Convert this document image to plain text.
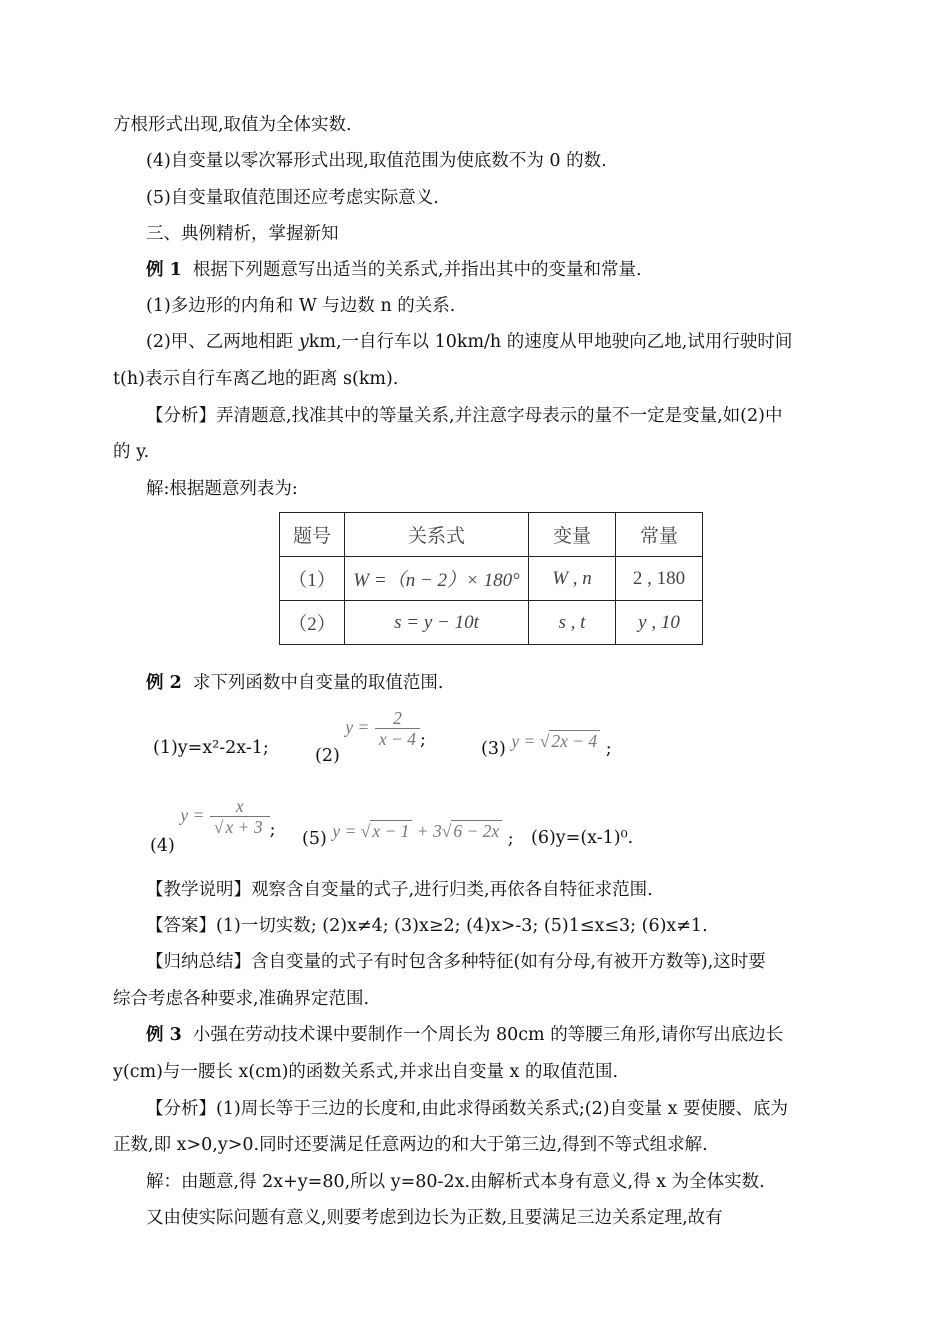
方根形式出现,取值为全体实数.
(4)自变量以零次幂形式出现,取值范围为使底数不为 0 的数.
(5)自变量取值范围还应考虑实际意义.
三、典例精析，掌握新知
例 1 根据下列题意写出适当的关系式,并指出其中的变量和常量.
(1)多边形的内角和 W 与边数 n 的关系.
(2)甲、乙两地相距 ykm,一自行车以 10km/h 的速度从甲地驶向乙地,试用行驶时间
t(h)表示自行车离乙地的距离 s(km).
【分析】弄清题意,找准其中的等量关系,并注意字母表示的量不一定是变量,如(2)中
的 y.
解:根据题意列表为:
题号	关系式	变量	常量
（1）	W =（n − 2）× 180°	W , n	2 , 180
（2）	s = y − 10t	s , t	y , 10
例 2 求下列函数中自变量的取值范围.
(1)y=x²-2x-1;	(2) $y = \frac{2}{x - 4}$ ;	(3) y = √ 2x − 4 ;
(4) $y = \frac{x}{√ x + 3}$ ; (5) y = √ x − 1 + 3√ 6 − 2x ; (6)y=(x-1)⁰.
【教学说明】观察含自变量的式子,进行归类,再依各自特征求范围.
【答案】(1)一切实数; (2)x≠4; (3)x≥2; (4)x>-3; (5)1≤x≤3; (6)x≠1.
【归纳总结】含自变量的式子有时包含多种特征(如有分母,有被开方数等),这时要
综合考虑各种要求,准确界定范围.
例 3 小强在劳动技术课中要制作一个周长为 80cm 的等腰三角形,请你写出底边长
y(cm)与一腰长 x(cm)的函数关系式,并求出自变量 x 的取值范围.
【分析】(1)周长等于三边的长度和,由此求得函数关系式;(2)自变量 x 要使腰、底为
正数,即 x>0,y>0.同时还要满足任意两边的和大于第三边,得到不等式组求解.
解：由题意,得 2x+y=80,所以 y=80-2x.由解析式本身有意义,得 x 为全体实数.
又由使实际问题有意义,则要考虑到边长为正数,且要满足三边关系定理,故有
